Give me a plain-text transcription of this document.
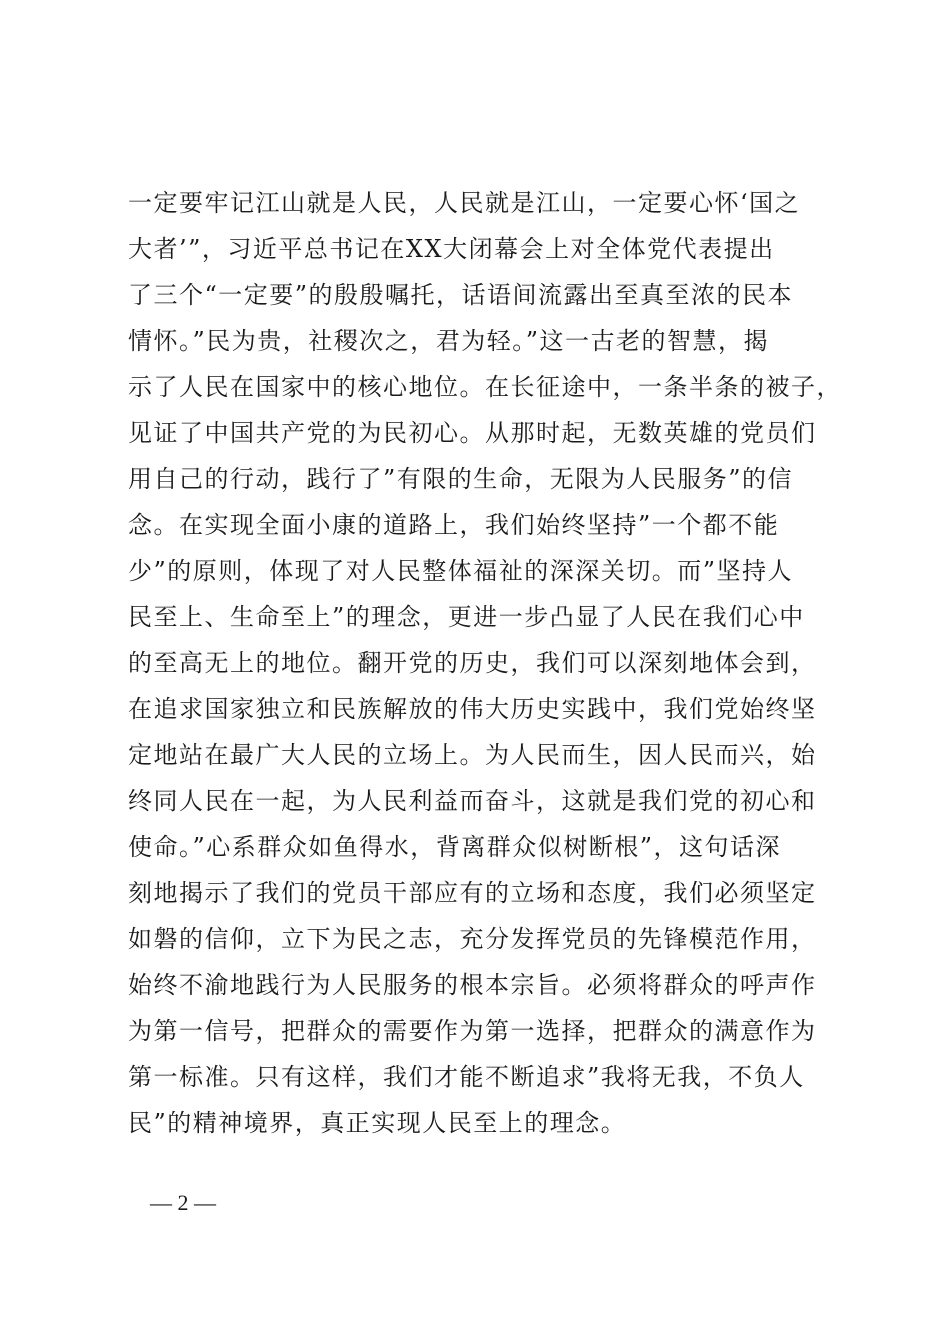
一定要牢记江山就是人民，人民就是江山，一定要心怀‘国之
大者’”，习近平总书记在XX大闭幕会上对全体党代表提出
了三个“一定要”的殷殷嘱托，话语间流露出至真至浓的民本
情怀。”民为贵，社稷次之，君为轻。”这一古老的智慧，揭
示了人民在国家中的核心地位。在长征途中，一条半条的被子，
见证了中国共产党的为民初心。从那时起，无数英雄的党员们
用自己的行动，践行了”有限的生命，无限为人民服务”的信
念。在实现全面小康的道路上，我们始终坚持”一个都不能
少”的原则，体现了对人民整体福祉的深深关切。而”坚持人
民至上、生命至上”的理念，更进一步凸显了人民在我们心中
的至高无上的地位。翻开党的历史，我们可以深刻地体会到，
在追求国家独立和民族解放的伟大历史实践中，我们党始终坚
定地站在最广大人民的立场上。为人民而生，因人民而兴，始
终同人民在一起，为人民利益而奋斗，这就是我们党的初心和
使命。”心系群众如鱼得水，背离群众似树断根”，这句话深
刻地揭示了我们的党员干部应有的立场和态度，我们必须坚定
如磐的信仰，立下为民之志，充分发挥党员的先锋模范作用，
始终不渝地践行为人民服务的根本宗旨。必须将群众的呼声作
为第一信号，把群众的需要作为第一选择，把群众的满意作为
第一标准。只有这样，我们才能不断追求”我将无我，不负人
民”的精神境界，真正实现人民至上的理念。
— 2 —
